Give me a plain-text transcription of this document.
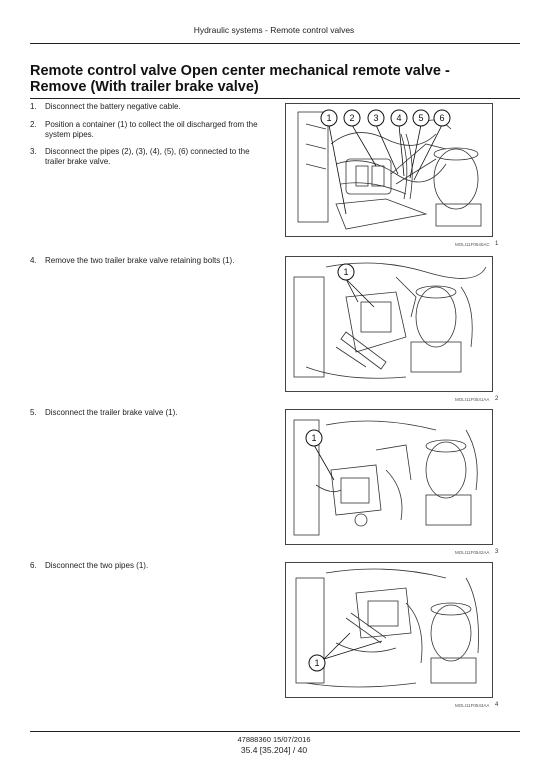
Hydraulic systems - Remote control valves
Remote control valve Open center mechanical remote valve -
Remove (With trailer brake valve)
1.	Disconnect the battery negative cable.
2.	Position a container (1) to collect the oil discharged from the system pipes.
3.	Disconnect the pipes (2), (3), (4), (5), (6) connected to the trailer brake valve.
4.	Remove the two trailer brake valve retaining bolts (1).
5.	Disconnect the trailer brake valve (1).
6.	Disconnect the two pipes (1).
1 2 3 4 5 6
MOLI11F0540AC 1
1
MOLI11F0541AA 2
1
MOLI11F0542AA 3
1
MOLI11F0543AA 4
47888360 15/07/2016
35.4 [35.204] / 40
